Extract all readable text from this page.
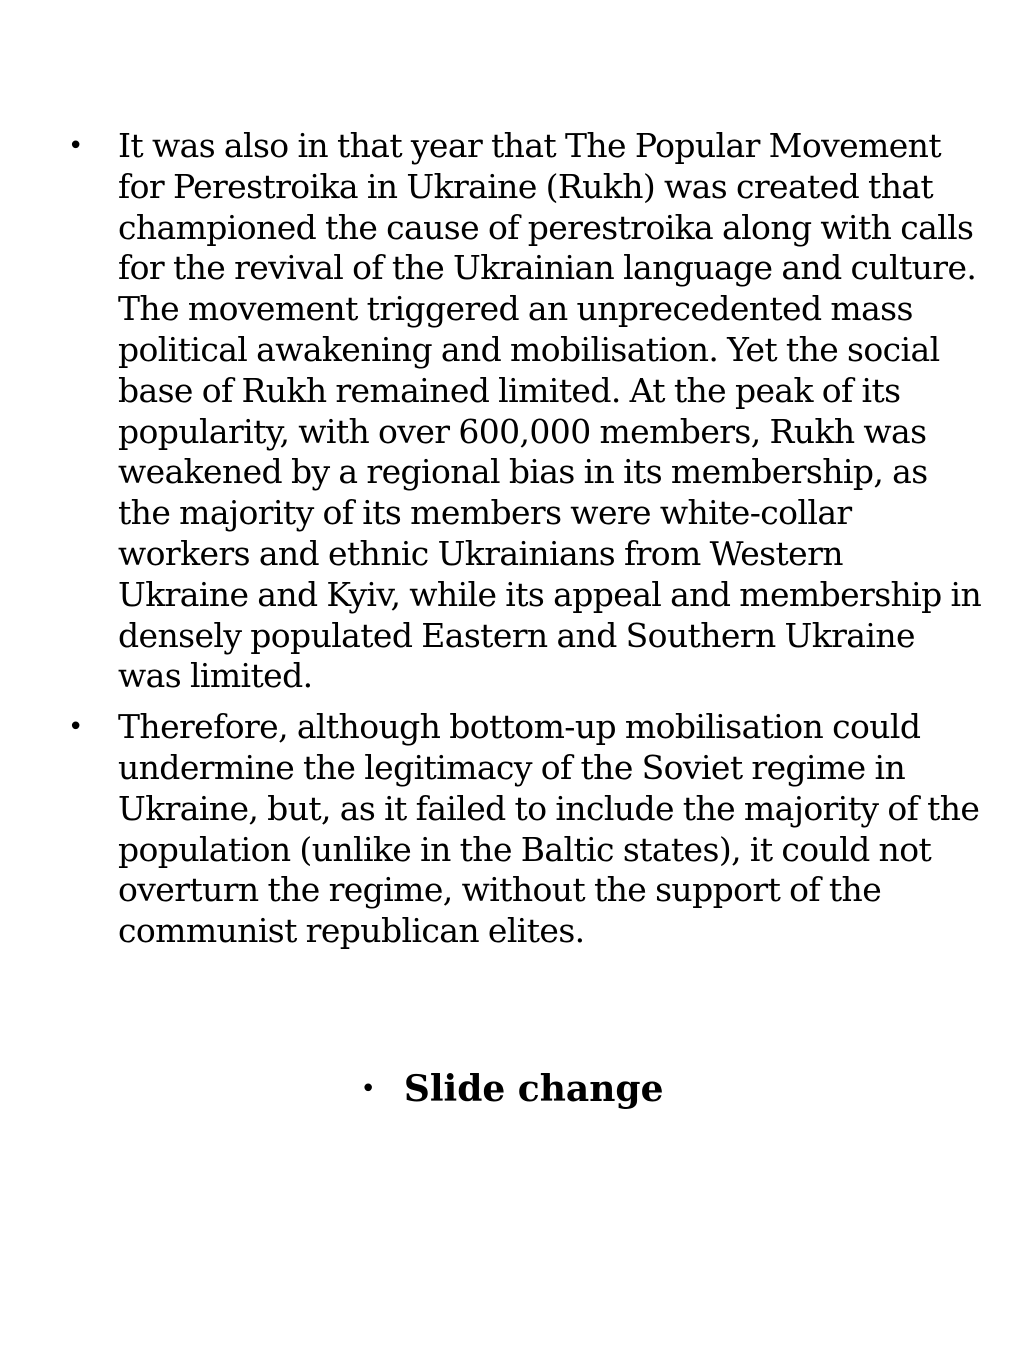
• It was also in that year that The Popular Movement for Perestroika in Ukraine (Rukh) was created that championed the cause of perestroika along with calls for the revival of the Ukrainian language and culture. The movement triggered an unprecedented mass political awakening and mobilisation. Yet the social base of Rukh remained limited. At the peak of its popularity, with over 600,000 members, Rukh was weakened by a regional bias in its membership, as the majority of its members were white-collar workers and ethnic Ukrainians from Western Ukraine and Kyiv, while its appeal and membership in densely populated Eastern and Southern Ukraine was limited.
• Therefore, although bottom-up mobilisation could undermine the legitimacy of the Soviet regime in Ukraine, but, as it failed to include the majority of the population (unlike in the Baltic states), it could not overturn the regime, without the support of the communist republican elites.
• Slide change
